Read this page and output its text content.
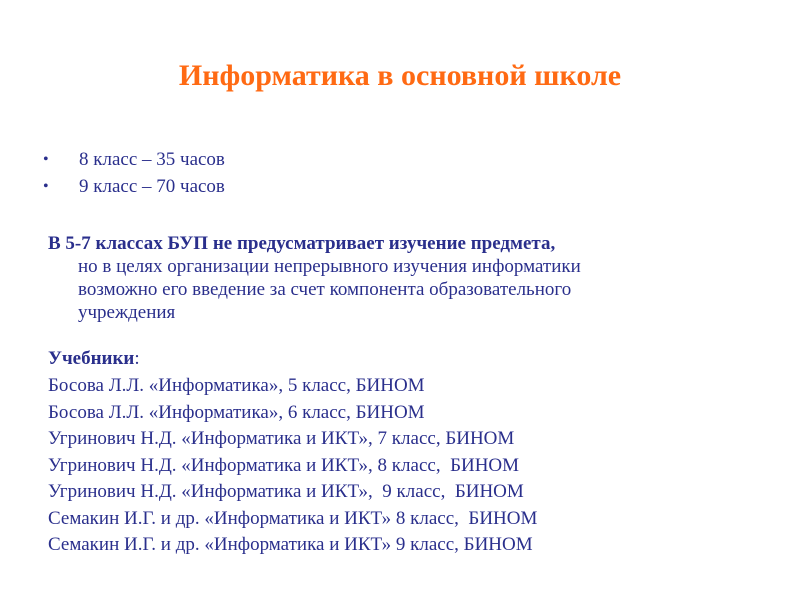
Информатика в основной школе
•	8 класс – 35 часов
•	9 класс – 70 часов
В 5-7 классах БУП не предусматривает изучение предмета,
но в целях организации непрерывного изучения информатики
возможно его введение за счет компонента образовательного
учреждения
Учебники:
Босова Л.Л. «Информатика», 5 класс, БИНОМ
Босова Л.Л. «Информатика», 6 класс, БИНОМ
Угринович Н.Д. «Информатика и ИКТ», 7 класс, БИНОМ
Угринович Н.Д. «Информатика и ИКТ», 8 класс,  БИНОМ
Угринович Н.Д. «Информатика и ИКТ»,  9 класс,  БИНОМ
Семакин И.Г. и др. «Информатика и ИКТ» 8 класс,  БИНОМ
Семакин И.Г. и др. «Информатика и ИКТ» 9 класс, БИНОМ
